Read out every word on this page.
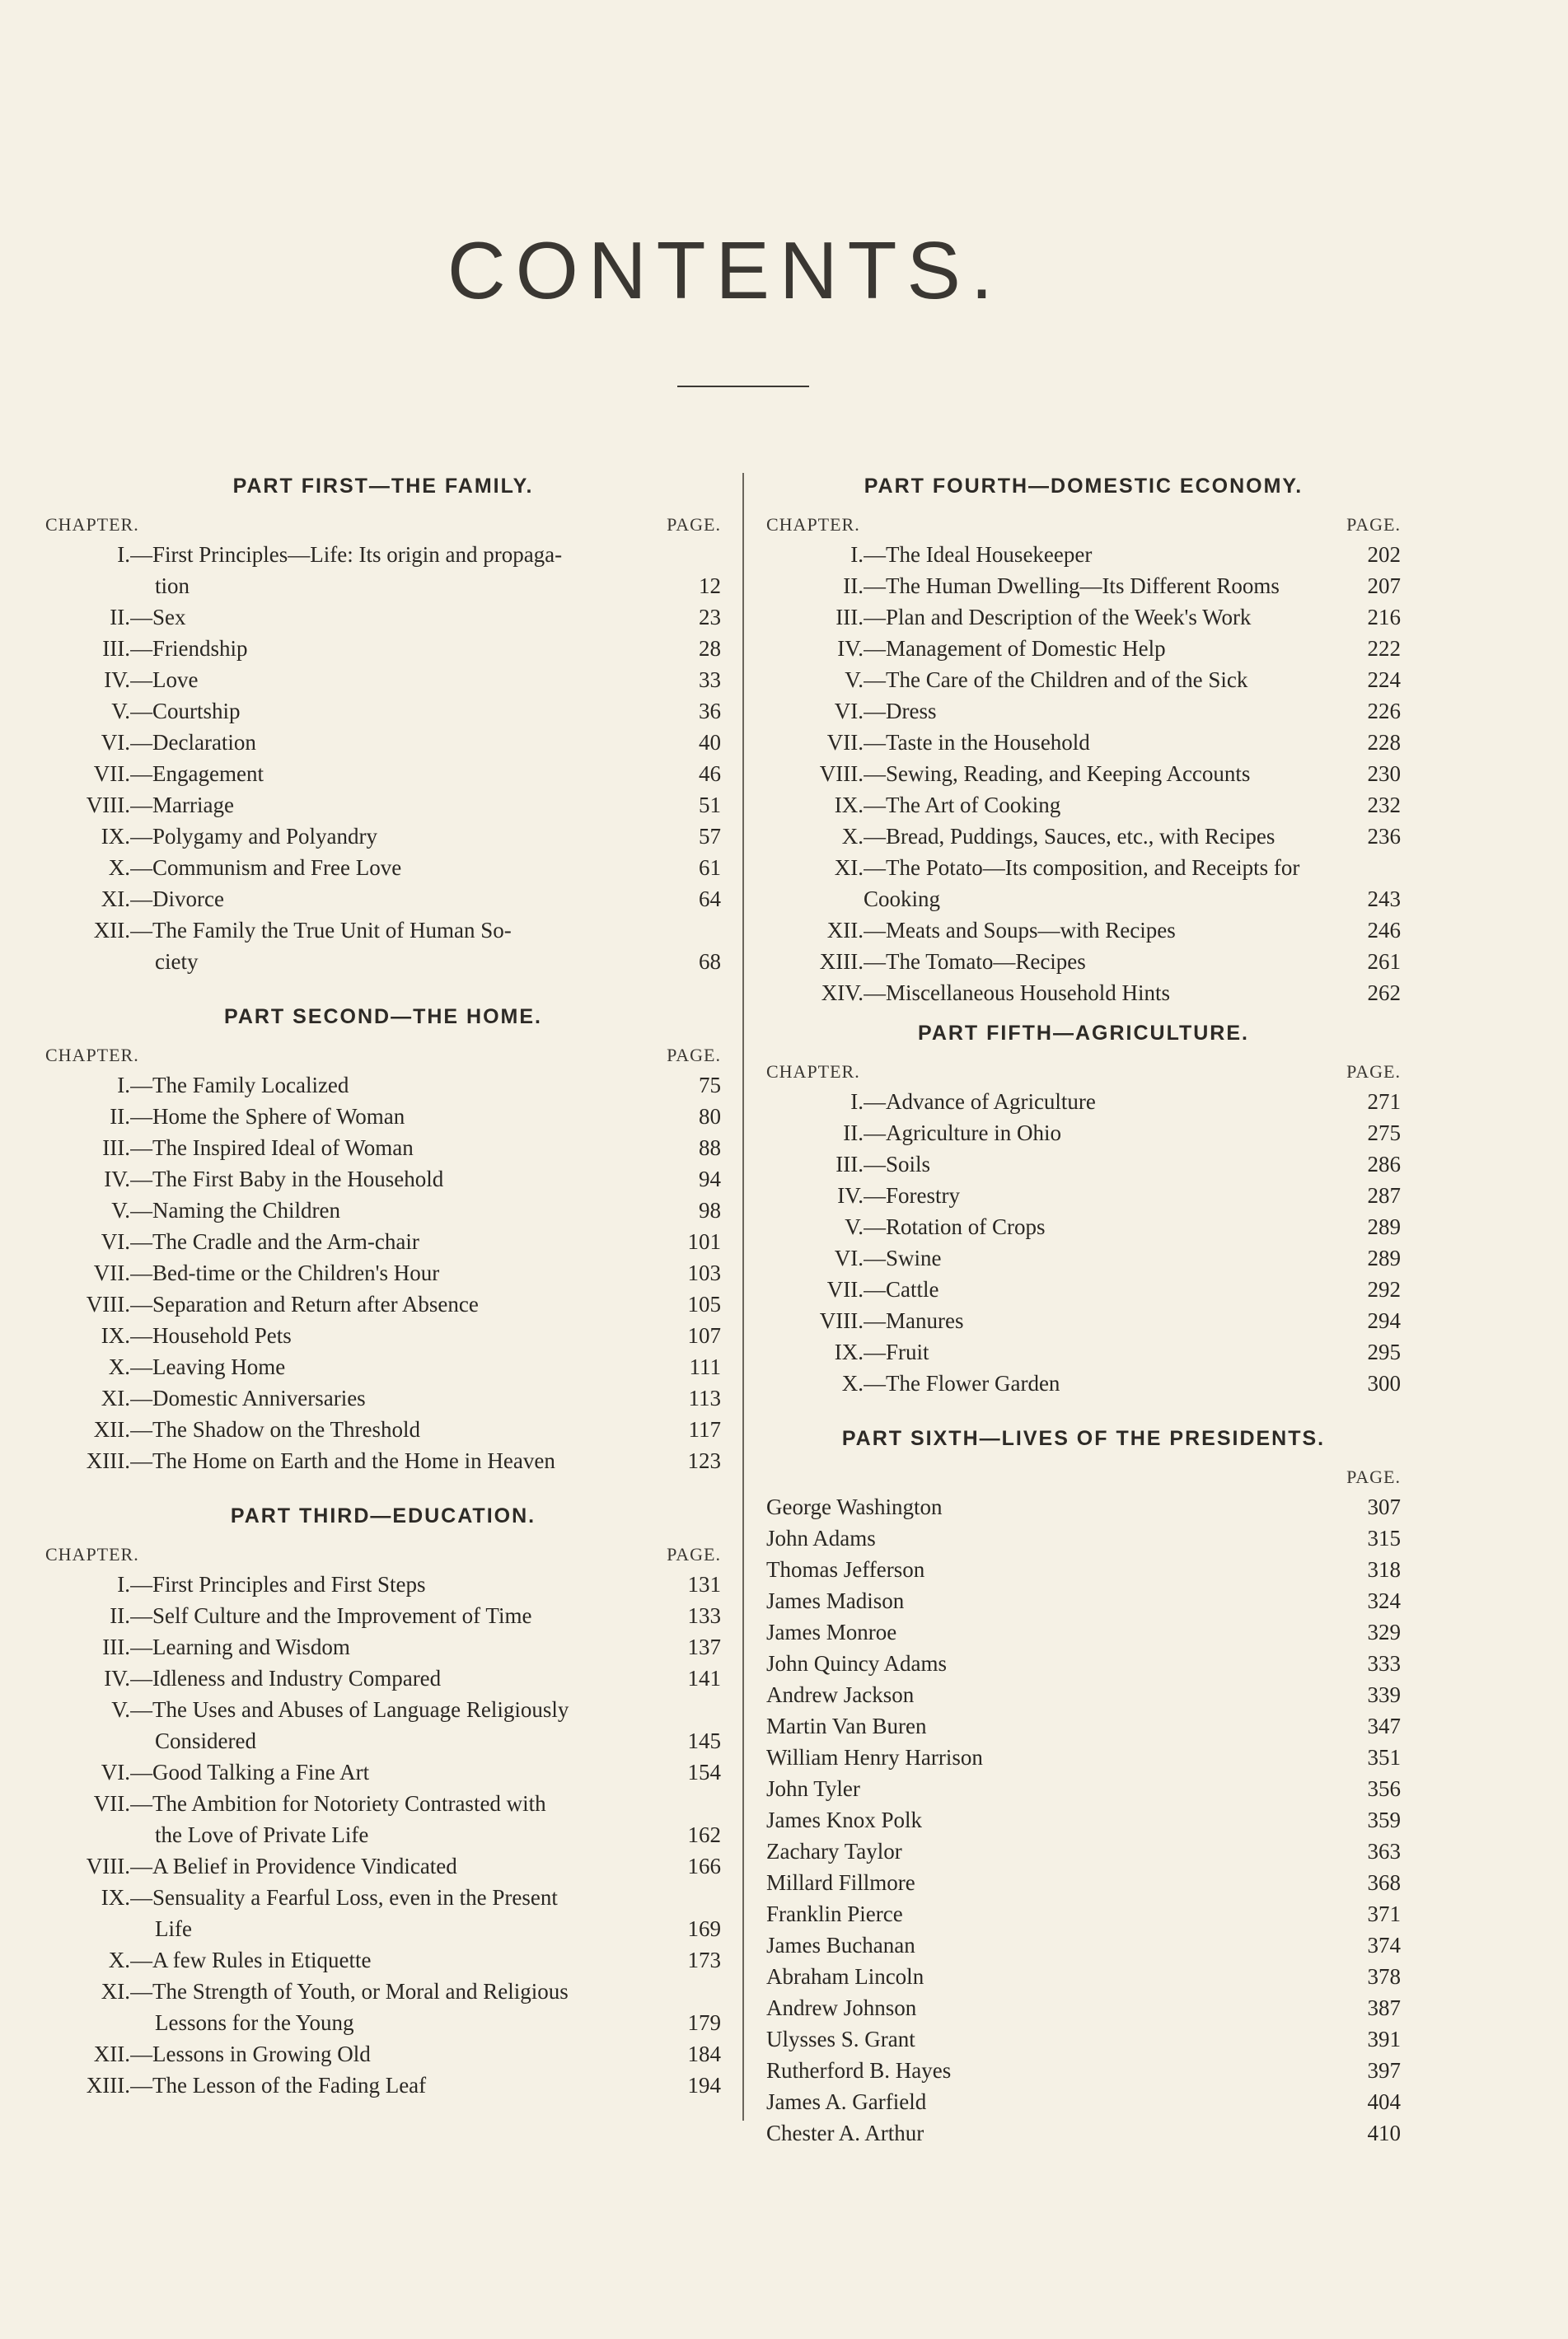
CONTENTS.
PART FIRST—THE FAMILY.
CHAPTER.	PAGE.
I. —First Principles—Life: Its origin and propaga-
tion	12
II. —Sex	23
III. —Friendship	28
IV. —Love	33
V. —Courtship	36
VI. —Declaration	40
VII. —Engagement	46
VIII. —Marriage	51
IX. —Polygamy and Polyandry	57
X. —Communism and Free Love	61
XI. —Divorce	64
XII. —The Family the True Unit of Human So-
ciety	68
PART SECOND—THE HOME.
CHAPTER.	PAGE.
I. —The Family Localized	75
II. —Home the Sphere of Woman	80
III. —The Inspired Ideal of Woman	88
IV. —The First Baby in the Household	94
V. —Naming the Children	98
VI. —The Cradle and the Arm-chair	101
VII. —Bed-time or the Children's Hour	103
VIII. —Separation and Return after Absence	105
IX. —Household Pets	107
X. —Leaving Home	111
XI. —Domestic Anniversaries	113
XII. —The Shadow on the Threshold	117
XIII. —The Home on Earth and the Home in Heaven	123
PART THIRD—EDUCATION.
CHAPTER.	PAGE.
I. —First Principles and First Steps	131
II. —Self Culture and the Improvement of Time	133
III. —Learning and Wisdom	137
IV. —Idleness and Industry Compared	141
V. —The Uses and Abuses of Language Religiously
Considered	145
VI. —Good Talking a Fine Art	154
VII. —The Ambition for Notoriety Contrasted with
the Love of Private Life	162
VIII. —A Belief in Providence Vindicated	166
IX. —Sensuality a Fearful Loss, even in the Present
Life	169
X. —A few Rules in Etiquette	173
XI. —The Strength of Youth, or Moral and Religious
Lessons for the Young	179
XII. —Lessons in Growing Old	184
XIII. —The Lesson of the Fading Leaf	194
PART FOURTH—DOMESTIC ECONOMY.
CHAPTER.	PAGE.
I. —The Ideal Housekeeper	202
II. —The Human Dwelling—Its Different Rooms	207
III. —Plan and Description of the Week's Work	216
IV. —Management of Domestic Help	222
V. —The Care of the Children and of the Sick	224
VI. —Dress	226
VII. —Taste in the Household	228
VIII. —Sewing, Reading, and Keeping Accounts	230
IX. —The Art of Cooking	232
X. —Bread, Puddings, Sauces, etc., with Recipes	236
XI. —The Potato—Its composition, and Receipts for
Cooking	243
XII. —Meats and Soups—with Recipes	246
XIII. —The Tomato—Recipes	261
XIV. —Miscellaneous Household Hints	262
PART FIFTH—AGRICULTURE.
CHAPTER.	PAGE.
I. —Advance of Agriculture	271
II. —Agriculture in Ohio	275
III. —Soils	286
IV. —Forestry	287
V. —Rotation of Crops	289
VI. —Swine	289
VII. —Cattle	292
VIII. —Manures	294
IX. —Fruit	295
X. —The Flower Garden	300
PART SIXTH—LIVES OF THE PRESIDENTS.
PAGE.
George Washington	307
John Adams	315
Thomas Jefferson	318
James Madison	324
James Monroe	329
John Quincy Adams	333
Andrew Jackson	339
Martin Van Buren	347
William Henry Harrison	351
John Tyler	356
James Knox Polk	359
Zachary Taylor	363
Millard Fillmore	368
Franklin Pierce	371
James Buchanan	374
Abraham Lincoln	378
Andrew Johnson	387
Ulysses S. Grant	391
Rutherford B. Hayes	397
James A. Garfield	404
Chester A. Arthur	410
